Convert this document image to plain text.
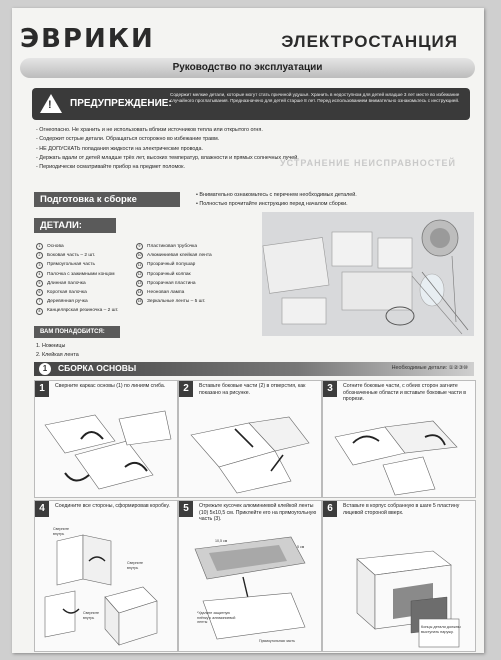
ЭВРИКИ	ЭЛЕКТРОСТАНЦИЯ
Руководство по эксплуатации
! ПРЕДУПРЕЖДЕНИЕ:
Содержит мелкие детали, которые могут стать причиной удушья. Хранить в недоступном для детей младше 3 лет месте во избежание случайного проглатывания. Предназначено для детей старше 8 лет. Перед использованием внимательно ознакомьтесь с инструкцией.
- Огнеопасно. Не хранить и не использовать вблизи источников тепла или открытого огня.
- Содержит острые детали. Обращаться осторожно во избежание травм.
- НЕ ДОПУСКАТЬ попадания жидкости на электрические провода.
- Держать вдали от детей младше трёх лет, высоких температур, влажности и прямых солнечных лучей.
- Периодически осматривайте прибор на предмет поломок.	УСТРАНЕНИЕ НЕИСПРАВНОСТЕЙ
Подготовка к сборке	• Внимательно ознакомьтесь с перечнем необходимых деталей.
• Полностью прочитайте инструкцию перед началом сборки.
ДЕТАЛИ:
1	Основа
2	Боковая часть – 2 шт.
3	Прямоугольная часть
4	Палочка с зажимными концом
5	Длинная палочка
6	Короткая палочка
7	Деревянная ручка
8	Канцелярская резиночка – 2 шт.
9	Пластиковая трубочка
10	Алюминиевая клейкая лента
11	Прозрачный полушар
12	Прозрачный колпак
13	Прозрачная пластина
14	Неоновая лампа
15	Зеркальные ленты – 5 шт.
ВАМ ПОНАДОБИТСЯ:
1. Ножницы
2. Клейкая лента
1	СБОРКА ОСНОВЫ	Необходимые детали: ①②③⑩
1	Сверните каркас основы (1) по линиям сгиба.	2	Вставьте боковые части (2) в отверстия, как показано на рисунке.	3	Согните боковые части, с обеих сторон загните обозначенные области и вставьте боковые части в прорези.
4	Соедините все стороны, сформировав коробку.
Сверните внутрь
Сверните внутрь
Сверните внутрь
5	Отрежьте кусочек алюминиевой клейкой ленты (10) 5х10,5 см. Приклейте его на прямоугольную часть (3).
10,5 см
5 см
*Удалите защитную плёнку с алюминиевой ленты
Прямоугольная часть
6	Вставьте в корпус собранную в шаге 5 пластину лицевой стороной вверх.
Концы детали должны выступать наружу.
